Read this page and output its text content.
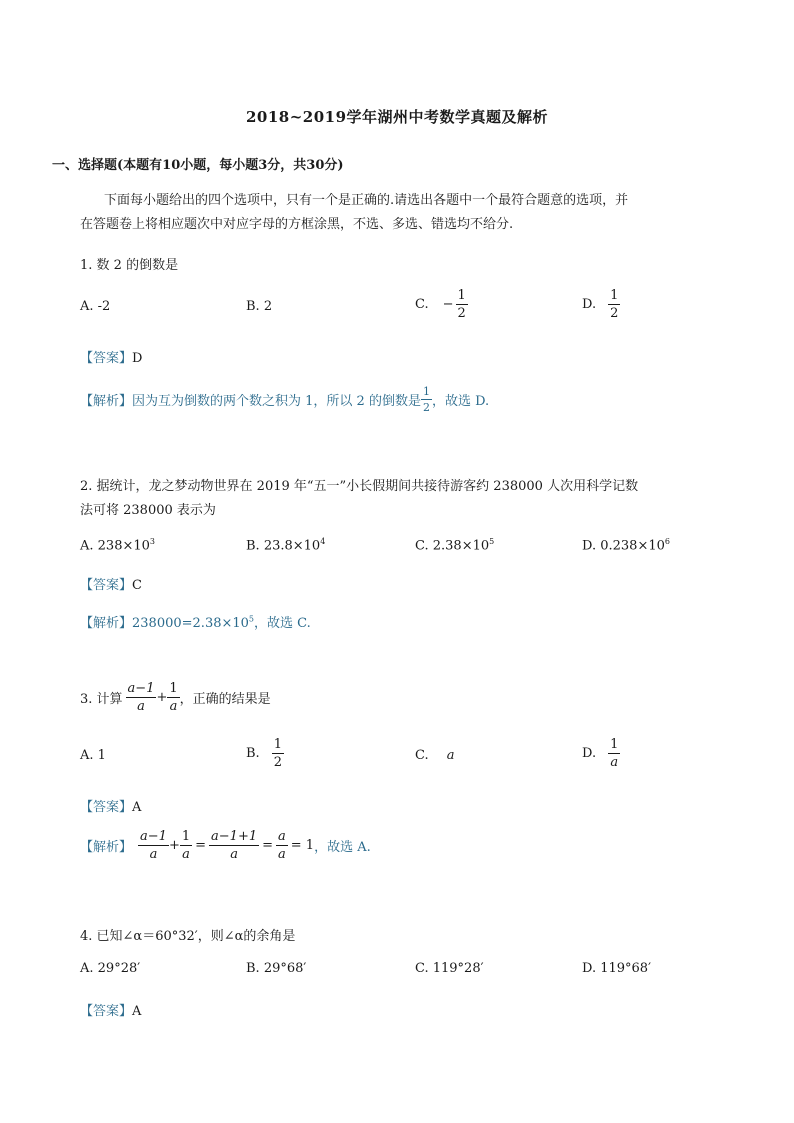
2018~2019学年湖州中考数学真题及解析
一、选择题(本题有10小题，每小题3分，共30分)
下面每小题给出的四个选项中，只有一个是正确的.请选出各题中一个最符合题意的选项，并
在答题卷上将相应题次中对应字母的方框涂黑，不选、多选、错选均不给分.
1. 数 2 的倒数是
A. -2	B. 2	C. − $\frac{1}{2}$	D. $\frac{1}{2}$
【答案】D
【解析】 因为互为倒数的两个数之积为 1，所以 2 的倒数是 $\frac{1}{2}$ ，故选 D.
2. 据统计，龙之梦动物世界在 2019 年“五一”小长假期间共接待游客约 238000 人次用科学记数
法可将 238000 表示为
A. $238\times 10^3$	B. $23.8\times 10^4$	C. $2.38\times 10^5$	D. $0.238\times 10^6$
【答案】C
【解析】$238000=2.38\times 10^5$，故选 C.
3. 计算 $\frac{a-1}{a} + \frac{1}{a}$ ，正确的结果是
A. 1	B. $\frac{1}{2}$	C. a	D. $\frac{1}{a}$
【答案】A
【解析】 $\frac{a-1}{a} + \frac{1}{a} = \frac{a-1+1}{a} = \frac{a}{a} = 1$ ，故选 A.
4. 已知∠α＝60°32′，则∠α的余角是
A. 29°28′	B. 29°68′	C. 119°28′	D. 119°68′
【答案】A
